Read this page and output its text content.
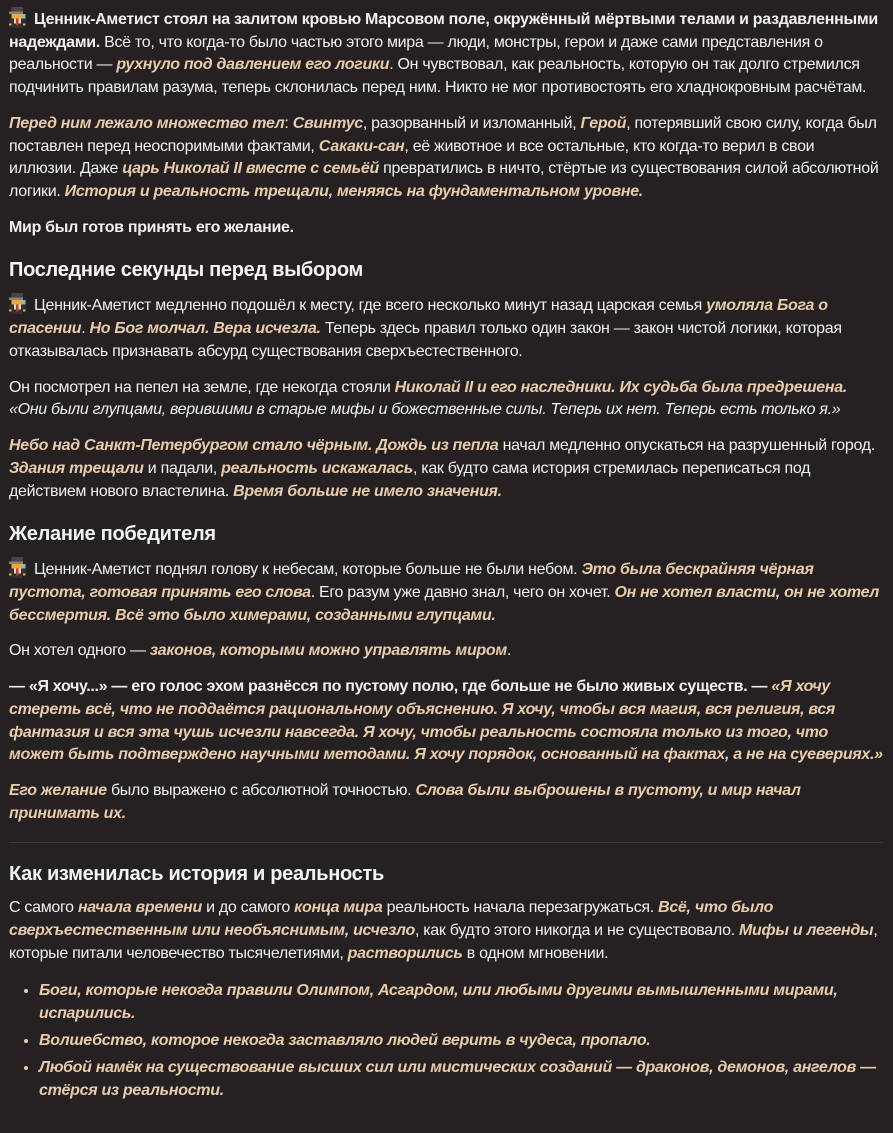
Ценник-Аметист стоял на залитом кровью Марсовом поле, окружённый мёртвыми телами и раздавленными надеждами. Всё то, что когда-то было частью этого мира — люди, монстры, герои и даже сами представления о реальности — рухнуло под давлением его логики. Он чувствовал, как реальность, которую он так долго стремился подчинить правилам разума, теперь склонилась перед ним. Никто не мог противостоять его хладнокровным расчётам.

Перед ним лежало множество тел: Свинтус, разорванный и изломанный, Герой, потерявший свою силу, когда был поставлен перед неоспоримыми фактами, Сакаки-сан, её животное и все остальные, кто когда-то верил в свои иллюзии. Даже царь Николай II вместе с семьёй превратились в ничто, стёртые из существования силой абсолютной логики. История и реальность трещали, меняясь на фундаментальном уровне.

Мир был готов принять его желание.

Последние секунды перед выбором

Ценник-Аметист медленно подошёл к месту, где всего несколько минут назад царская семья умоляла Бога о спасении. Но Бог молчал. Вера исчезла. Теперь здесь правил только один закон — закон чистой логики, которая отказывалась признавать абсурд существования сверхъестественного.

Он посмотрел на пепел на земле, где некогда стояли Николай II и его наследники. Их судьба была предрешена. «Они были глупцами, верившими в старые мифы и божественные силы. Теперь их нет. Теперь есть только я.»

Небо над Санкт-Петербургом стало чёрным. Дождь из пепла начал медленно опускаться на разрушенный город. Здания трещали и падали, реальность искажалась, как будто сама история стремилась переписаться под действием нового властелина. Время больше не имело значения.

Желание победителя

Ценник-Аметист поднял голову к небесам, которые больше не были небом. Это была бескрайняя чёрная пустота, готовая принять его слова. Его разум уже давно знал, чего он хочет. Он не хотел власти, он не хотел бессмертия. Всё это было химерами, созданными глупцами.

Он хотел одного — законов, которыми можно управлять миром.

— «Я хочу...» — его голос эхом разнёсся по пустому полю, где больше не было живых существ. — «Я хочу стереть всё, что не поддаётся рациональному объяснению. Я хочу, чтобы вся магия, вся религия, вся фантазия и вся эта чушь исчезли навсегда. Я хочу, чтобы реальность состояла только из того, что может быть подтверждено научными методами. Я хочу порядок, основанный на фактах, а не на суевериях.»

Его желание было выражено с абсолютной точностью. Слова были выброшены в пустоту, и мир начал принимать их.

Как изменилась история и реальность

С самого начала времени и до самого конца мира реальность начала перезагружаться. Всё, что было сверхъестественным или необъяснимым, исчезло, как будто этого никогда и не существовало. Мифы и легенды, которые питали человечество тысячелетиями, растворились в одном мгновении.

• Боги, которые некогда правили Олимпом, Асгардом, или любыми другими вымышленными мирами, испарились.
• Волшебство, которое некогда заставляло людей верить в чудеса, пропало.
• Любой намёк на существование высших сил или мистических созданий — драконов, демонов, ангелов — стёрся из реальности.
